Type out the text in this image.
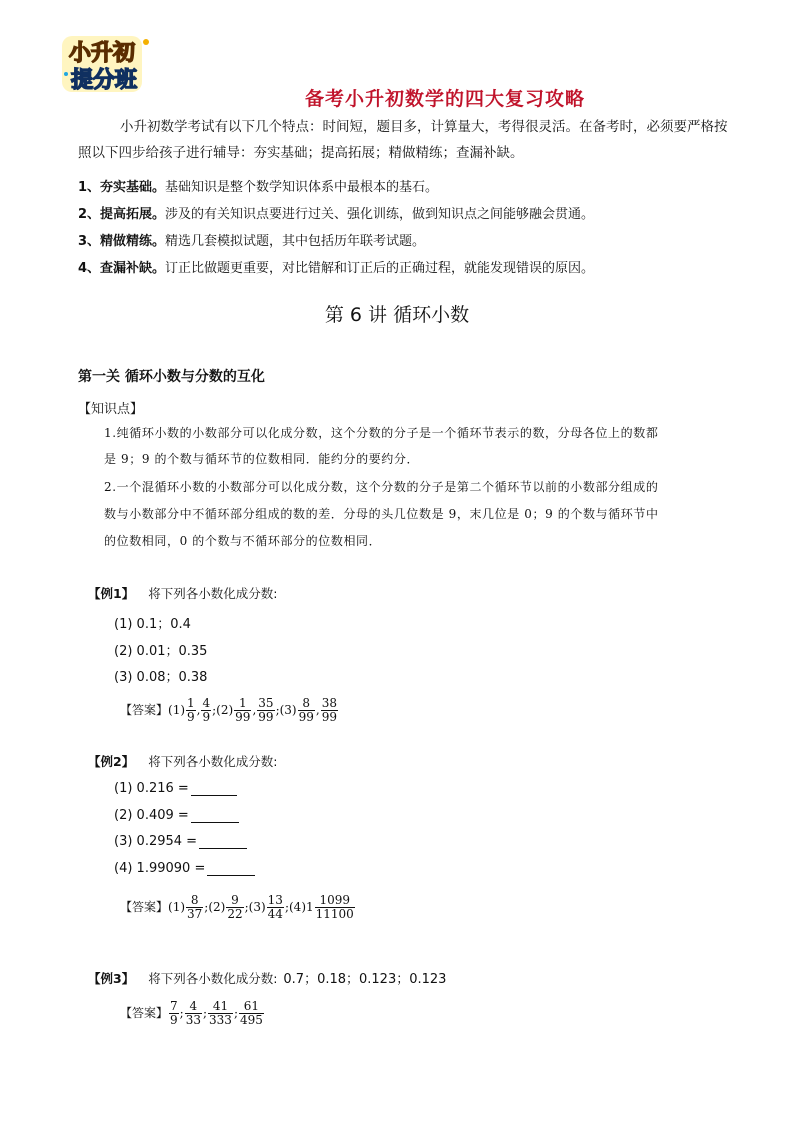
小升初
提分班
备考小升初数学的四大复习攻略
小升初数学考试有以下几个特点：时间短，题目多，计算量大，考得很灵活。在备考时，必须要严格按照以下四步给孩子进行辅导：夯实基础；提高拓展；精做精练；查漏补缺。
1、夯实基础。基础知识是整个数学知识体系中最根本的基石。
2、提高拓展。涉及的有关知识点要进行过关、强化训练，做到知识点之间能够融会贯通。
3、精做精练。精选几套模拟试题，其中包括历年联考试题。
4、查漏补缺。订正比做题更重要，对比错解和订正后的正确过程，就能发现错误的原因。
第 6 讲 循环小数
第一关 循环小数与分数的互化
【知识点】
1.纯循环小数的小数部分可以化成分数，这个分数的分子是一个循环节表示的数，分母各位上的数都
是 9；9 的个数与循环节的位数相同．能约分的要约分．
2.一个混循环小数的小数部分可以化成分数，这个分数的分子是第二个循环节以前的小数部分组成的
数与小数部分中不循环部分组成的数的差．分母的头几位数是 9，末几位是 0；9 的个数与循环节中
的位数相同，0 的个数与不循环部分的位数相同．
【例1】 将下列各小数化成分数:
(1) 0.1；0.4
(2) 0.01；0.35
(3) 0.08；0.38
【答案】$(1) \frac{1}{9}$ , $\frac{4}{9}$ ;(2) $\frac{1}{99}$ , $\frac{35}{99}$ ;(3) $\frac{8}{99}$ , $\frac{38}{99}$
【例2】 将下列各小数化成分数:
(1) 0.216 =
(2) 0.409 =
(3) 0.2954 =
(4) 1.99090 =
【答案】$(1) \frac{8}{37}$ ;(2) $\frac{9}{22}$ ;(3) $\frac{13}{44}$ ;(4)1 $\frac{1099}{11100}$
【例3】 将下列各小数化成分数: 0.7；0.18；0.123；0.123
【答案】 $\frac{7}{9}$ ; $\frac{4}{33}$ ; $\frac{41}{333}$ ; $\frac{61}{495}$
